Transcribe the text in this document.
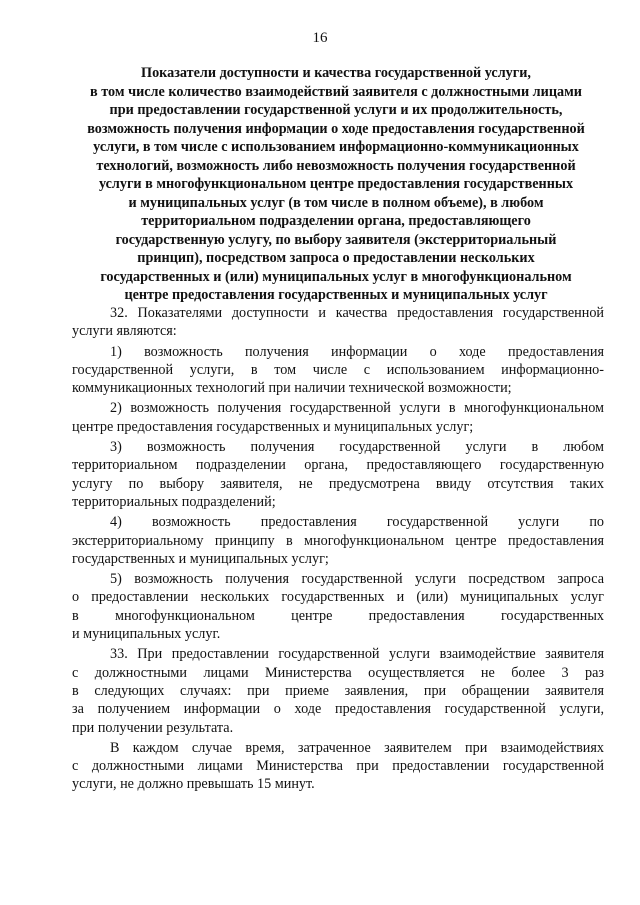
16
Показатели доступности и качества государственной услуги,
в том числе количество взаимодействий заявителя с должностными лицами
при предоставлении государственной услуги и их продолжительность,
возможность получения информации о ходе предоставления государственной
услуги, в том числе с использованием информационно-коммуникационных
технологий, возможность либо невозможность получения государственной
услуги в многофункциональном центре предоставления государственных
и муниципальных услуг (в том числе в полном объеме), в любом
территориальном подразделении органа, предоставляющего
государственную услугу, по выбору заявителя (экстерриториальный
принцип), посредством запроса о предоставлении нескольких
государственных и (или) муниципальных услуг в многофункциональном
центре предоставления государственных и муниципальных услуг
32. Показателями доступности и качества предоставления государственной
услуги являются:
1) возможность получения информации о ходе предоставления
государственной услуги, в том числе с использованием информационно-
коммуникационных технологий при наличии технической возможности;
2) возможность получения государственной услуги в многофункциональном
центре предоставления государственных и муниципальных услуг;
3) возможность получения государственной услуги в любом
территориальном подразделении органа, предоставляющего государственную
услугу по выбору заявителя, не предусмотрена ввиду отсутствия таких
территориальных подразделений;
4) возможность предоставления государственной услуги по
экстерриториальному принципу в многофункциональном центре предоставления
государственных и муниципальных услуг;
5) возможность получения государственной услуги посредством запроса
о предоставлении нескольких государственных и (или) муниципальных услуг
в многофункциональном центре предоставления государственных
и муниципальных услуг.
33. При предоставлении государственной услуги взаимодействие заявителя
с должностными лицами Министерства осуществляется не более 3 раз
в следующих случаях: при приеме заявления, при обращении заявителя
за получением информации о ходе предоставления государственной услуги,
при получении результата.
В каждом случае время, затраченное заявителем при взаимодействиях
с должностными лицами Министерства при предоставлении государственной
услуги, не должно превышать 15 минут.
